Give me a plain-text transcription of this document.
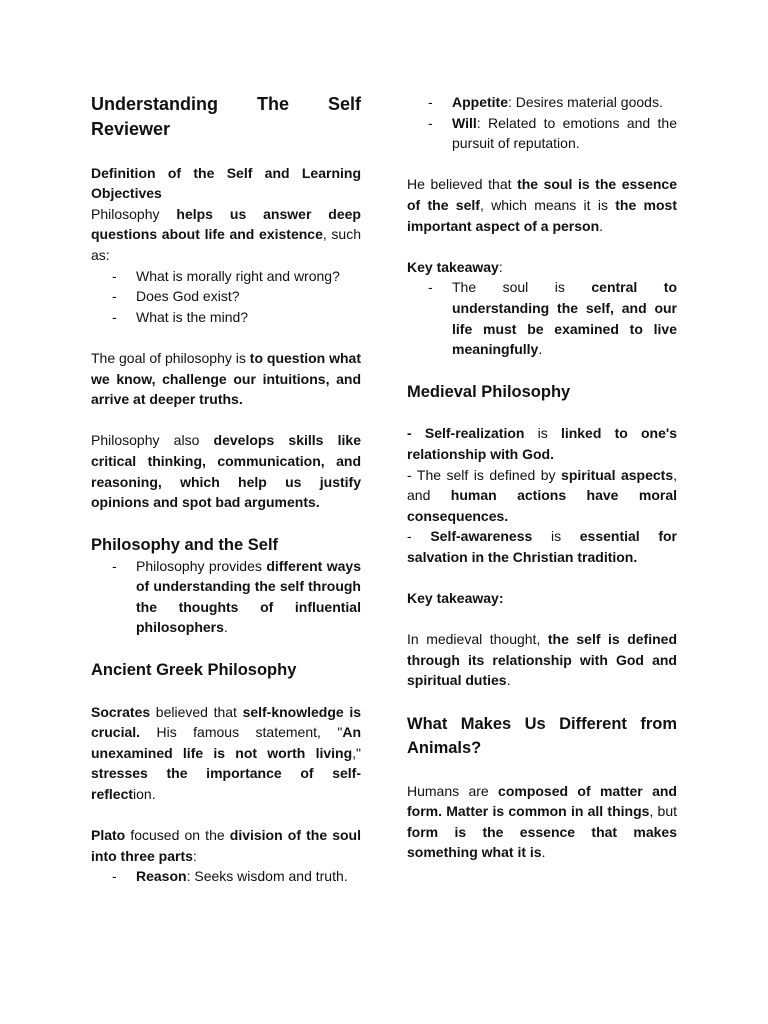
Understanding The Self
Reviewer

Definition of the Self and Learning Objectives

Philosophy helps us answer deep questions about life and existence, such as:

- What is morally right and wrong?
- Does God exist?
- What is the mind?

The goal of philosophy is to question what we know, challenge our intuitions, and arrive at deeper truths.

Philosophy also develops skills like critical thinking, communication, and reasoning, which help us justify opinions and spot bad arguments.

Philosophy and the Self
- Philosophy provides different ways of understanding the self through the thoughts of influential philosophers.
Ancient Greek Philosophy

Socrates believed that self-knowledge is crucial. His famous statement, "An unexamined life is not worth living," stresses the importance of self-reflection.

Plato focused on the division of the soul into three parts:

- Reason: Seeks wisdom and truth.
- Appetite: Desires material goods.
- Will: Related to emotions and the pursuit of reputation.

He believed that the soul is the essence of the self, which means it is the most important aspect of a person.

Key takeaway:

- The soul is central to understanding the self, and our life must be examined to live meaningfully.
Medieval Philosophy

- Self-realization is linked to one's relationship with God.

- The self is defined by spiritual aspects, and human actions have moral consequences.

- Self-awareness is essential for salvation in the Christian tradition.

Key takeaway:

In medieval thought, the self is defined through its relationship with God and spiritual duties.

What Makes Us Different from Animals?

Humans are composed of matter and form. Matter is common in all things, but form is the essence that makes something what it is.
